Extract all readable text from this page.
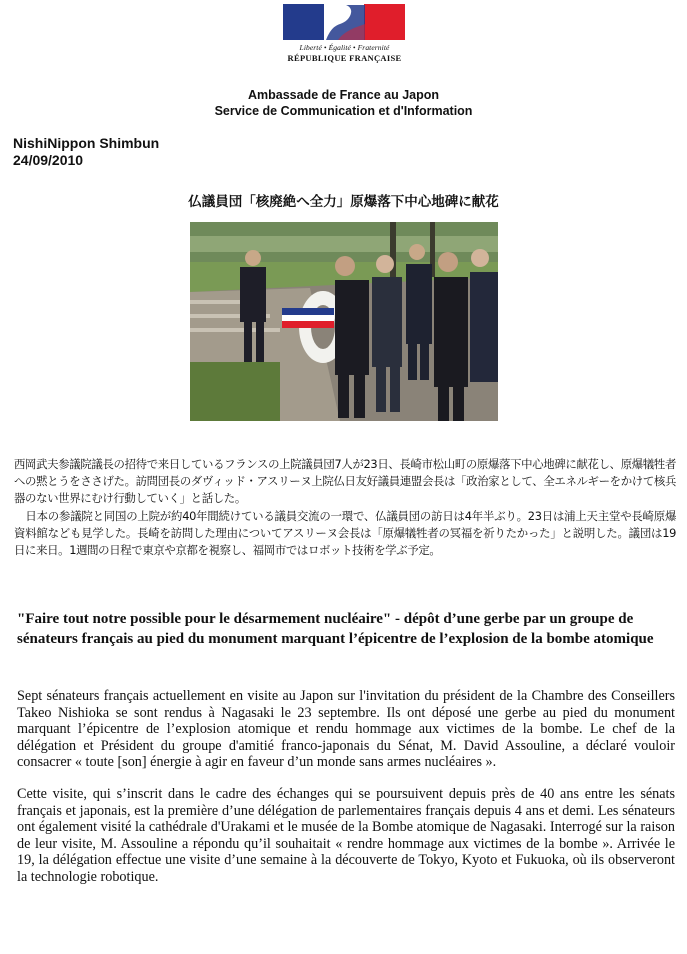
Liberté • Égalité • Fraternité
RÉPUBLIQUE FRANÇAISE
Ambassade de France au Japon
Service de Communication et d'Information
NishiNippon Shimbun
24/09/2010
仏議員団「核廃絶へ全力」原爆落下中心地碑に献花

西岡武夫参議院議長の招待で来日しているフランスの上院議員団7人が23日、長崎市松山町の原爆落下中心地碑に献花し、原爆犠牲者への黙とうをささげた。訪問団長のダヴィッド・アスリーヌ上院仏日友好議員連盟会長は「政治家として、全エネルギーをかけて核兵器のない世界にむけ行動していく」と話した。

日本の参議院と同国の上院が約40年間続けている議員交流の一環で、仏議員団の訪日は4年半ぶり。23日は浦上天主堂や長崎原爆資料館なども見学した。長崎を訪問した理由についてアスリーヌ会長は「原爆犠牲者の冥福を祈りたかった」と説明した。議団は19日に来日。1週間の日程で東京や京都を視察し、福岡市ではロボット技術を学ぶ予定。

"Faire tout notre possible pour le désarmement nucléaire" - dépôt d’une gerbe par un groupe de sénateurs français au pied du monument marquant l’épicentre de l’explosion de la bombe atomique

Sept sénateurs français actuellement en visite au Japon sur l'invitation du président de la Chambre des Conseillers Takeo Nishioka se sont rendus à Nagasaki le 23 septembre. Ils ont déposé une gerbe au pied du monument marquant l’épicentre de l’explosion atomique et rendu hommage aux victimes de la bombe. Le chef de la délégation et Président du groupe d'amitié franco-japonais du Sénat, M. David Assouline, a déclaré vouloir consacrer « toute [son] énergie à agir en faveur d’un monde sans armes nucléaires ».

Cette visite, qui s’inscrit dans le cadre des échanges qui se poursuivent depuis près de 40 ans entre les sénats français et japonais, est la première d’une délégation de parlementaires français depuis 4 ans et demi. Les sénateurs ont également visité la cathédrale d'Urakami et le musée de la Bombe atomique de Nagasaki. Interrogé sur la raison de leur visite, M. Assouline a répondu qu’il souhaitait « rendre hommage aux victimes de la bombe ». Arrivée le 19, la délégation effectue une visite d’une semaine à la découverte de Tokyo, Kyoto et Fukuoka, où ils observeront la technologie robotique.
